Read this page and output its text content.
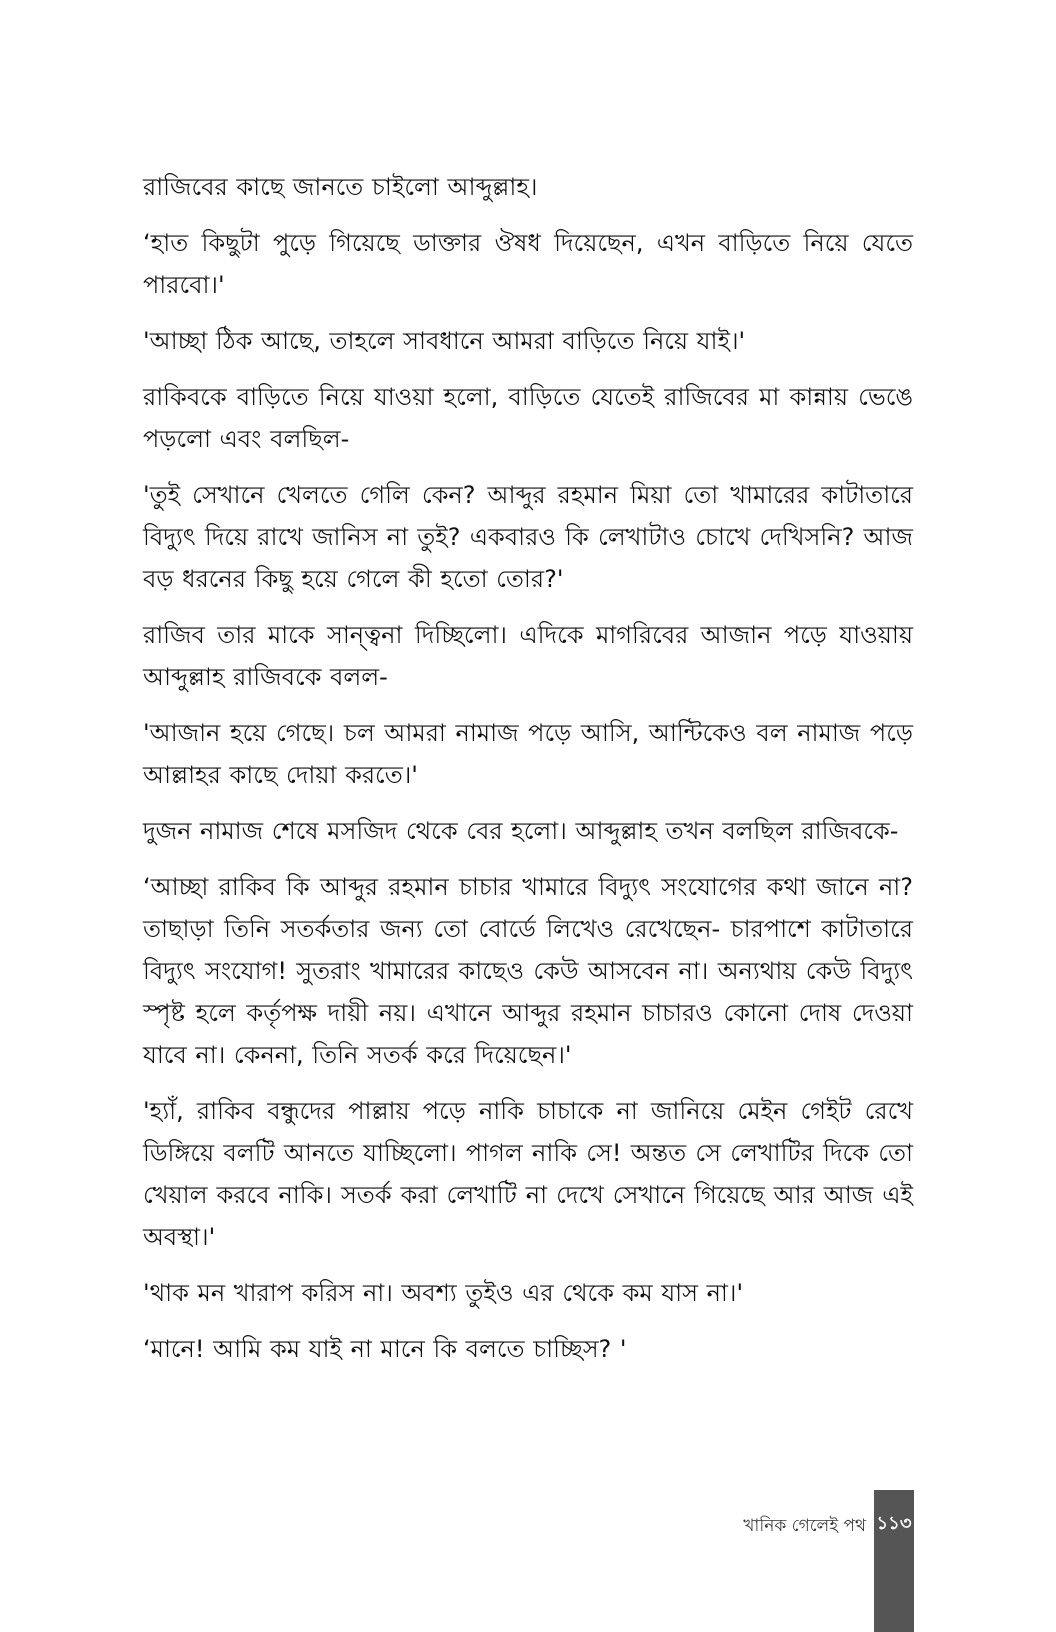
রাজিবের কাছে জানতে চাইলো আব্দুল্লাহ।

‘হাত কিছুটা পুড়ে গিয়েছে ডাক্তার ঔষধ দিয়েছেন, এখন বাড়িতে নিয়ে যেতে পারবো।'

'আচ্ছা ঠিক আছে, তাহলে সাবধানে আমরা বাড়িতে নিয়ে যাই।'

রাকিবকে বাড়িতে নিয়ে যাওয়া হলো, বাড়িতে যেতেই রাজিবের মা কান্নায় ভেঙে পড়লো এবং বলছিল-

'তুই সেখানে খেলতে গেলি কেন? আব্দুর রহমান মিয়া তো খামারের কাটাতারে বিদ্যুৎ দিয়ে রাখে জানিস না তুই? একবারও কি লেখাটাও চোখে দেখিসনি? আজ বড় ধরনের কিছু হয়ে গেলে কী হতো তোর?'

রাজিব তার মাকে সান্ত্বনা দিচ্ছিলো। এদিকে মাগরিবের আজান পড়ে যাওয়ায় আব্দুল্লাহ রাজিবকে বলল-

'আজান হয়ে গেছে। চল আমরা নামাজ পড়ে আসি, আন্টিকেও বল নামাজ পড়ে আল্লাহর কাছে দোয়া করতে।'

দুজন নামাজ শেষে মসজিদ থেকে বের হলো। আব্দুল্লাহ তখন বলছিল রাজিবকে-

‘আচ্ছা রাকিব কি আব্দুর রহমান চাচার খামারে বিদ্যুৎ সংযোগের কথা জানে না? তাছাড়া তিনি সতর্কতার জন্য তো বোর্ডে লিখেও রেখেছেন- চারপাশে কাটাতারে বিদ্যুৎ সংযোগ! সুতরাং খামারের কাছেও কেউ আসবেন না। অন্যথায় কেউ বিদ্যুৎ স্পৃষ্ট হলে কর্তৃপক্ষ দায়ী নয়। এখানে আব্দুর রহমান চাচারও কোনো দোষ দেওয়া যাবে না। কেননা, তিনি সতর্ক করে দিয়েছেন।'

'হ্যাঁ, রাকিব বন্ধুদের পাল্লায় পড়ে নাকি চাচাকে না জানিয়ে মেইন গেইট রেখে ডিঙ্গিয়ে বলটি আনতে যাচ্ছিলো। পাগল নাকি সে! অন্তত সে লেখাটির দিকে তো খেয়াল করবে নাকি। সতর্ক করা লেখাটি না দেখে সেখানে গিয়েছে আর আজ এই অবস্থা।'

'থাক মন খারাপ করিস না। অবশ্য তুইও এর থেকে কম যাস না।'

‘মানে! আমি কম যাই না মানে কি বলতে চাচ্ছিস? '

খানিক গেলেই পথ ১১৩
